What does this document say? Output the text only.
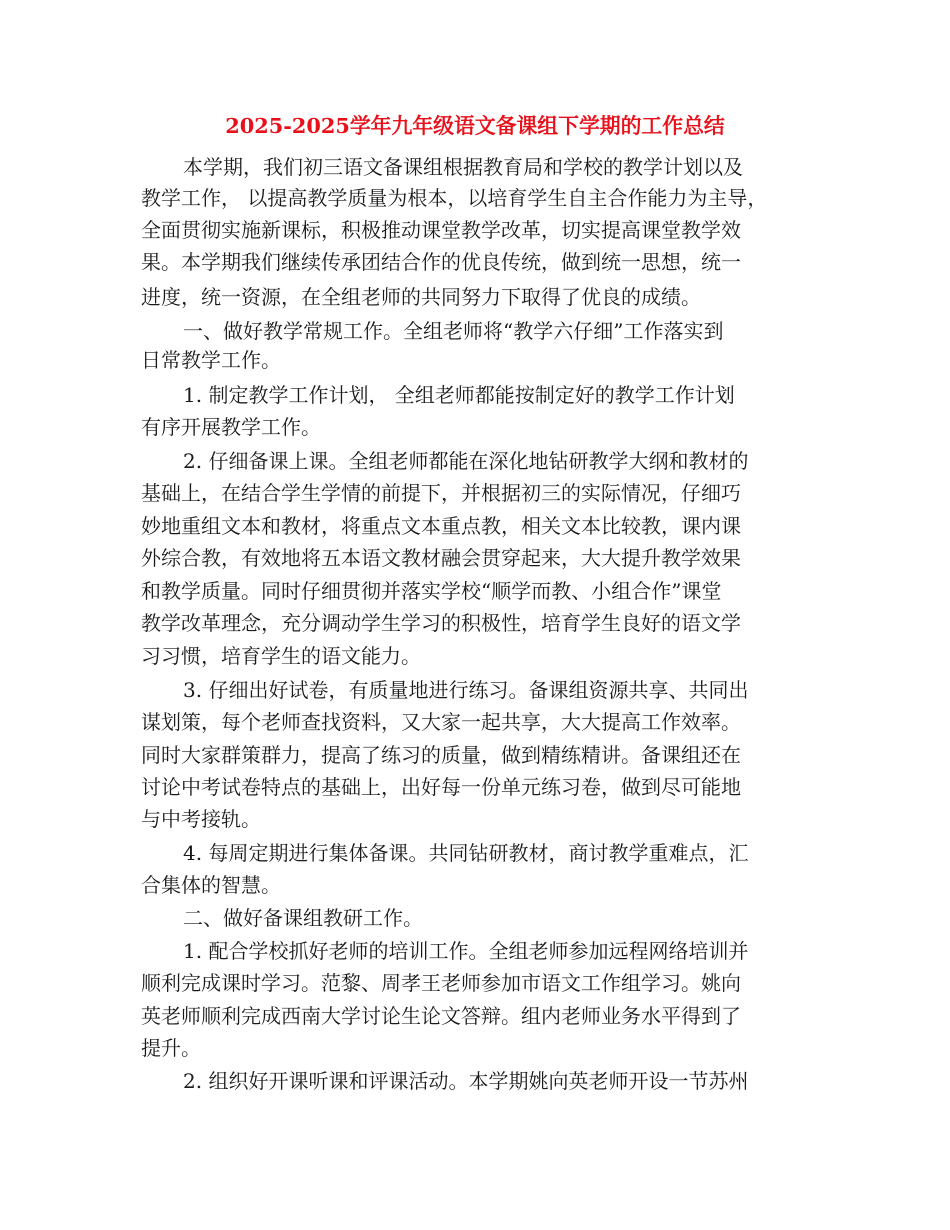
2025-2025学年九年级语文备课组下学期的工作总结
本学期，我们初三语文备课组根据教育局和学校的教学计划以及
教学工作， 以提高教学质量为根本，以培育学生自主合作能力为主导，
全面贯彻实施新课标，积极推动课堂教学改革，切实提高课堂教学效
果。本学期我们继续传承团结合作的优良传统，做到统一思想，统一
进度，统一资源，在全组老师的共同努力下取得了优良的成绩。
一、做好教学常规工作。全组老师将“教学六仔细”工作落实到
日常教学工作。
1. 制定教学工作计划， 全组老师都能按制定好的教学工作计划
有序开展教学工作。
2. 仔细备课上课。全组老师都能在深化地钻研教学大纲和教材的
基础上，在结合学生学情的前提下，并根据初三的实际情况，仔细巧
妙地重组文本和教材，将重点文本重点教，相关文本比较教，课内课
外综合教，有效地将五本语文教材融会贯穿起来，大大提升教学效果
和教学质量。同时仔细贯彻并落实学校“顺学而教、小组合作”课堂
教学改革理念，充分调动学生学习的积极性，培育学生良好的语文学
习习惯，培育学生的语文能力。
3. 仔细出好试卷，有质量地进行练习。备课组资源共享、共同出
谋划策，每个老师查找资料，又大家一起共享，大大提高工作效率。
同时大家群策群力，提高了练习的质量，做到精练精讲。备课组还在
讨论中考试卷特点的基础上，出好每一份单元练习卷，做到尽可能地
与中考接轨。
4. 每周定期进行集体备课。共同钻研教材，商讨教学重难点，汇
合集体的智慧。
二、做好备课组教研工作。
1. 配合学校抓好老师的培训工作。全组老师参加远程网络培训并
顺利完成课时学习。范黎、周孝王老师参加市语文工作组学习。姚向
英老师顺利完成西南大学讨论生论文答辩。组内老师业务水平得到了
提升。
2. 组织好开课听课和评课活动。本学期姚向英老师开设一节苏州
